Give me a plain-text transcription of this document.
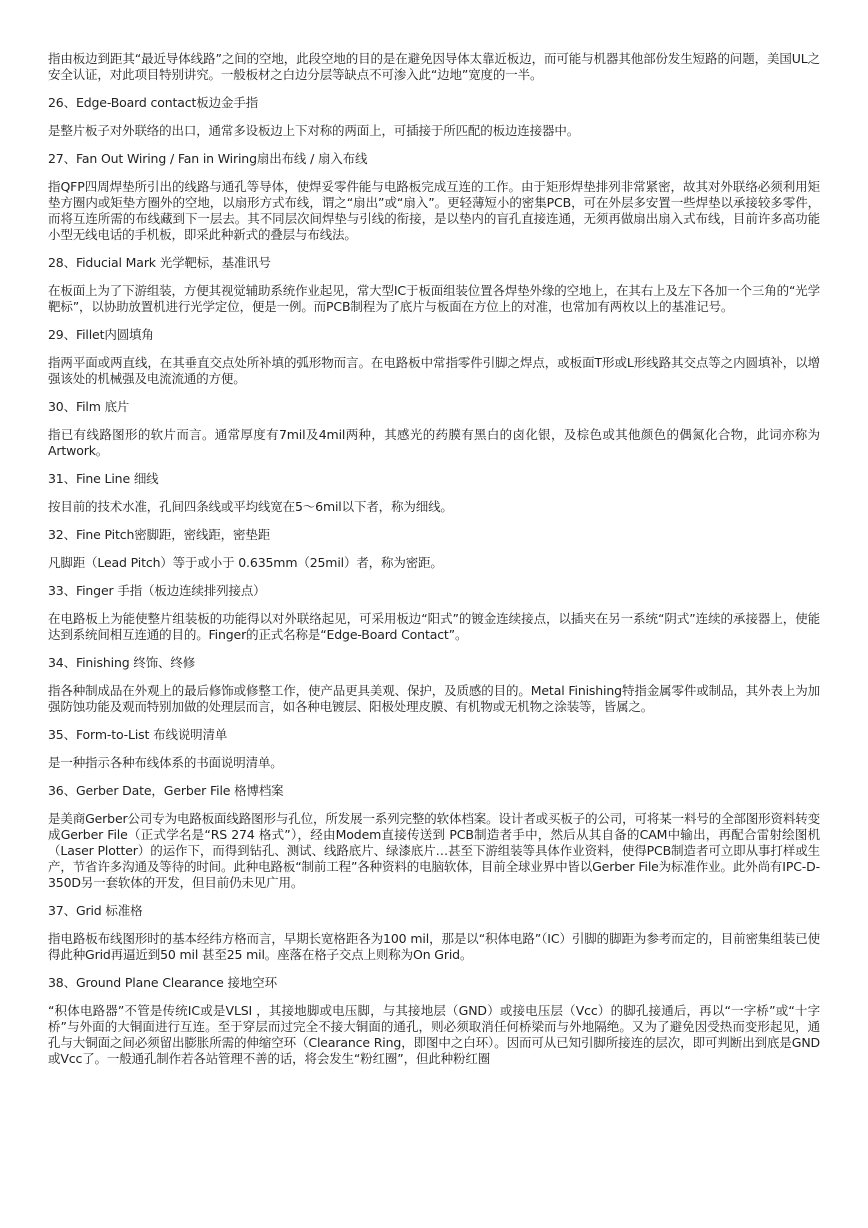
指由板边到距其“最近导体线路”之间的空地，此段空地的目的是在避免因导体太靠近板边，而可能与机器其他部份发生短路的问题，美国UL之安全认证，对此项目特别讲究。一般板材之白边分层等缺点不可渗入此“边地”宽度的一半。

26、Edge-Board contact板边金手指

是整片板子对外联络的出口，通常多设板边上下对称的两面上，可插接于所匹配的板边连接器中。

27、Fan Out Wiring / Fan in Wiring扇出布线 / 扇入布线

指QFP四周焊垫所引出的线路与通孔等导体，使焊妥零件能与电路板完成互连的工作。由于矩形焊垫排列非常紧密，故其对外联络必须利用矩垫方圈内或矩垫方圈外的空地，以扇形方式布线，谓之“扇出”或“扇入”。更轻薄短小的密集PCB，可在外层多安置一些焊垫以承接较多零件，而将互连所需的布线藏到下一层去。其不同层次间焊垫与引线的衔接，是以垫内的盲孔直接连通，无须再做扇出扇入式布线，目前许多高功能小型无线电话的手机板，即采此种新式的叠层与布线法。

28、Fiducial Mark 光学靶标，基准讯号

在板面上为了下游组装，方便其视觉辅助系统作业起见，常大型IC于板面组装位置各焊垫外缘的空地上，在其右上及左下各加一个三角的“光学靶标”，以协助放置机进行光学定位，便是一例。而PCB制程为了底片与板面在方位上的对准，也常加有两枚以上的基准记号。

29、Fillet内圆填角

指两平面或两直线，在其垂直交点处所补填的弧形物而言。在电路板中常指零件引脚之焊点，或板面T形或L形线路其交点等之内圆填补，以增强该处的机械强及电流流通的方便。

30、Film 底片

指已有线路图形的软片而言。通常厚度有7mil及4mil两种，其感光的药膜有黑白的卤化银，及棕色或其他颜色的偶氮化合物，此词亦称为Artwork。

31、Fine Line 细线

按目前的技术水准，孔间四条线或平均线宽在5～6mil以下者，称为细线。

32、Fine Pitch密脚距，密线距，密垫距

凡脚距（Lead Pitch）等于或小于 0.635mm（25mil）者，称为密距。

33、Finger 手指（板边连续排列接点）

在电路板上为能使整片组装板的功能得以对外联络起见，可采用板边“阳式”的镀金连续接点，以插夹在另一系统“阴式”连续的承接器上，使能达到系统间相互连通的目的。Finger的正式名称是“Edge-Board Contact”。

34、Finishing 终饰、终修

指各种制成品在外观上的最后修饰或修整工作，使产品更具美观、保护，及质感的目的。Metal Finishing特指金属零件或制品，其外表上为加强防蚀功能及观而特别加做的处理层而言，如各种电镀层、阳极处理皮膜、有机物或无机物之涂装等，皆属之。

35、Form-to-List 布线说明清单

是一种指示各种布线体系的书面说明清单。

36、Gerber Date，Gerber File 格博档案

是美商Gerber公司专为电路板面线路图形与孔位，所发展一系列完整的软体档案。设计者或买板子的公司，可将某一料号的全部图形资料转变成Gerber File（正式学名是“RS 274 格式”），经由Modem直接传送到 PCB制造者手中，然后从其自备的CAM中输出，再配合雷射绘图机（Laser Plotter）的运作下，而得到钻孔、测试、线路底片、绿漆底片…甚至下游组装等具体作业资料，使得PCB制造者可立即从事打样或生产，节省许多沟通及等待的时间。此种电路板“制前工程”各种资料的电脑软体，目前全球业界中皆以Gerber File为标准作业。此外尚有IPC-D-350D另一套软体的开发，但目前仍未见广用。

37、Grid 标准格

指电路板布线图形时的基本经纬方格而言，早期长宽格距各为100 mil，那是以“积体电路”（IC）引脚的脚距为参考而定的，目前密集组装已使得此种Grid再逼近到50 mil 甚至25 mil。座落在格子交点上则称为On Grid。

38、Ground Plane Clearance 接地空环

“积体电路器”不管是传统IC或是VLSI ，其接地脚或电压脚，与其接地层（GND）或接电压层（Vcc）的脚孔接通后，再以“一字桥”或“十字桥”与外面的大铜面进行互连。至于穿层而过完全不接大铜面的通孔，则必须取消任何桥梁而与外地隔绝。又为了避免因受热而变形起见，通孔与大铜面之间必须留出膨胀所需的伸缩空环（Clearance Ring，即图中之白环）。因而可从已知引脚所接连的层次，即可判断出到底是GND或Vcc了。一般通孔制作若各站管理不善的话，将会发生“粉红圈”，但此种粉红圈
